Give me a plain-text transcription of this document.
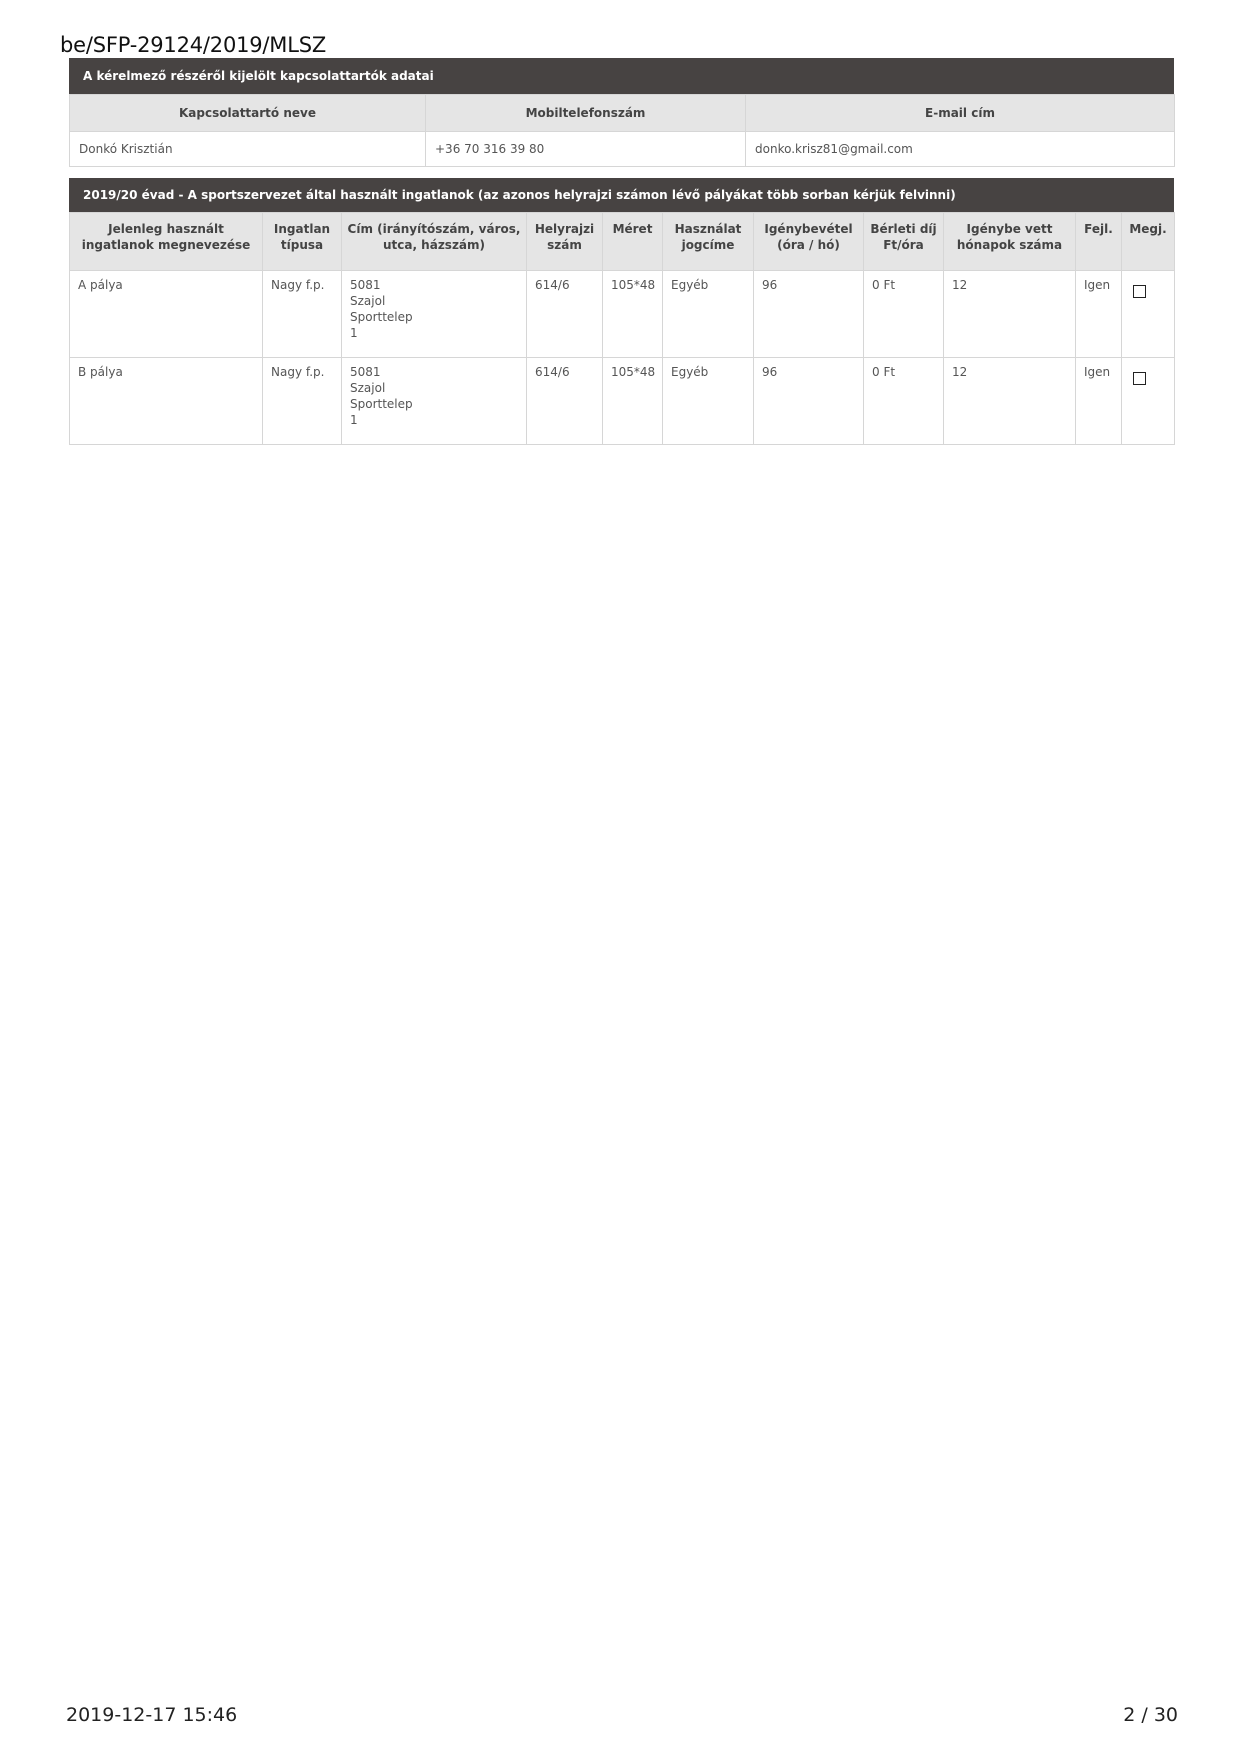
be/SFP-29124/2019/MLSZ
A kérelmező részéről kijelölt kapcsolattartók adatai
Kapcsolattartó neve	Mobiltelefonszám	E-mail cím
Donkó Krisztián	+36 70 316 39 80	donko.krisz81@gmail.com
2019/20 évad - A sportszervezet által használt ingatlanok (az azonos helyrajzi számon lévő pályákat több sorban kérjük felvinni)
Jelenleg használt ingatlanok megnevezése	Ingatlan típusa	Cím (irányítószám, város, utca, házszám)	Helyrajzi szám	Méret	Használat jogcíme	Igénybevétel (óra / hó)	Bérleti díj Ft/óra	Igénybe vett hónapok száma	Fejl.	Megj.
A pálya	Nagy f.p.	5081
Szajol
Sporttelep
1	614/6	105*48	Egyéb	96	0 Ft	12	Igen	
B pálya	Nagy f.p.	5081
Szajol
Sporttelep
1	614/6	105*48	Egyéb	96	0 Ft	12	Igen	
2019-12-17 15:46	2 / 30
